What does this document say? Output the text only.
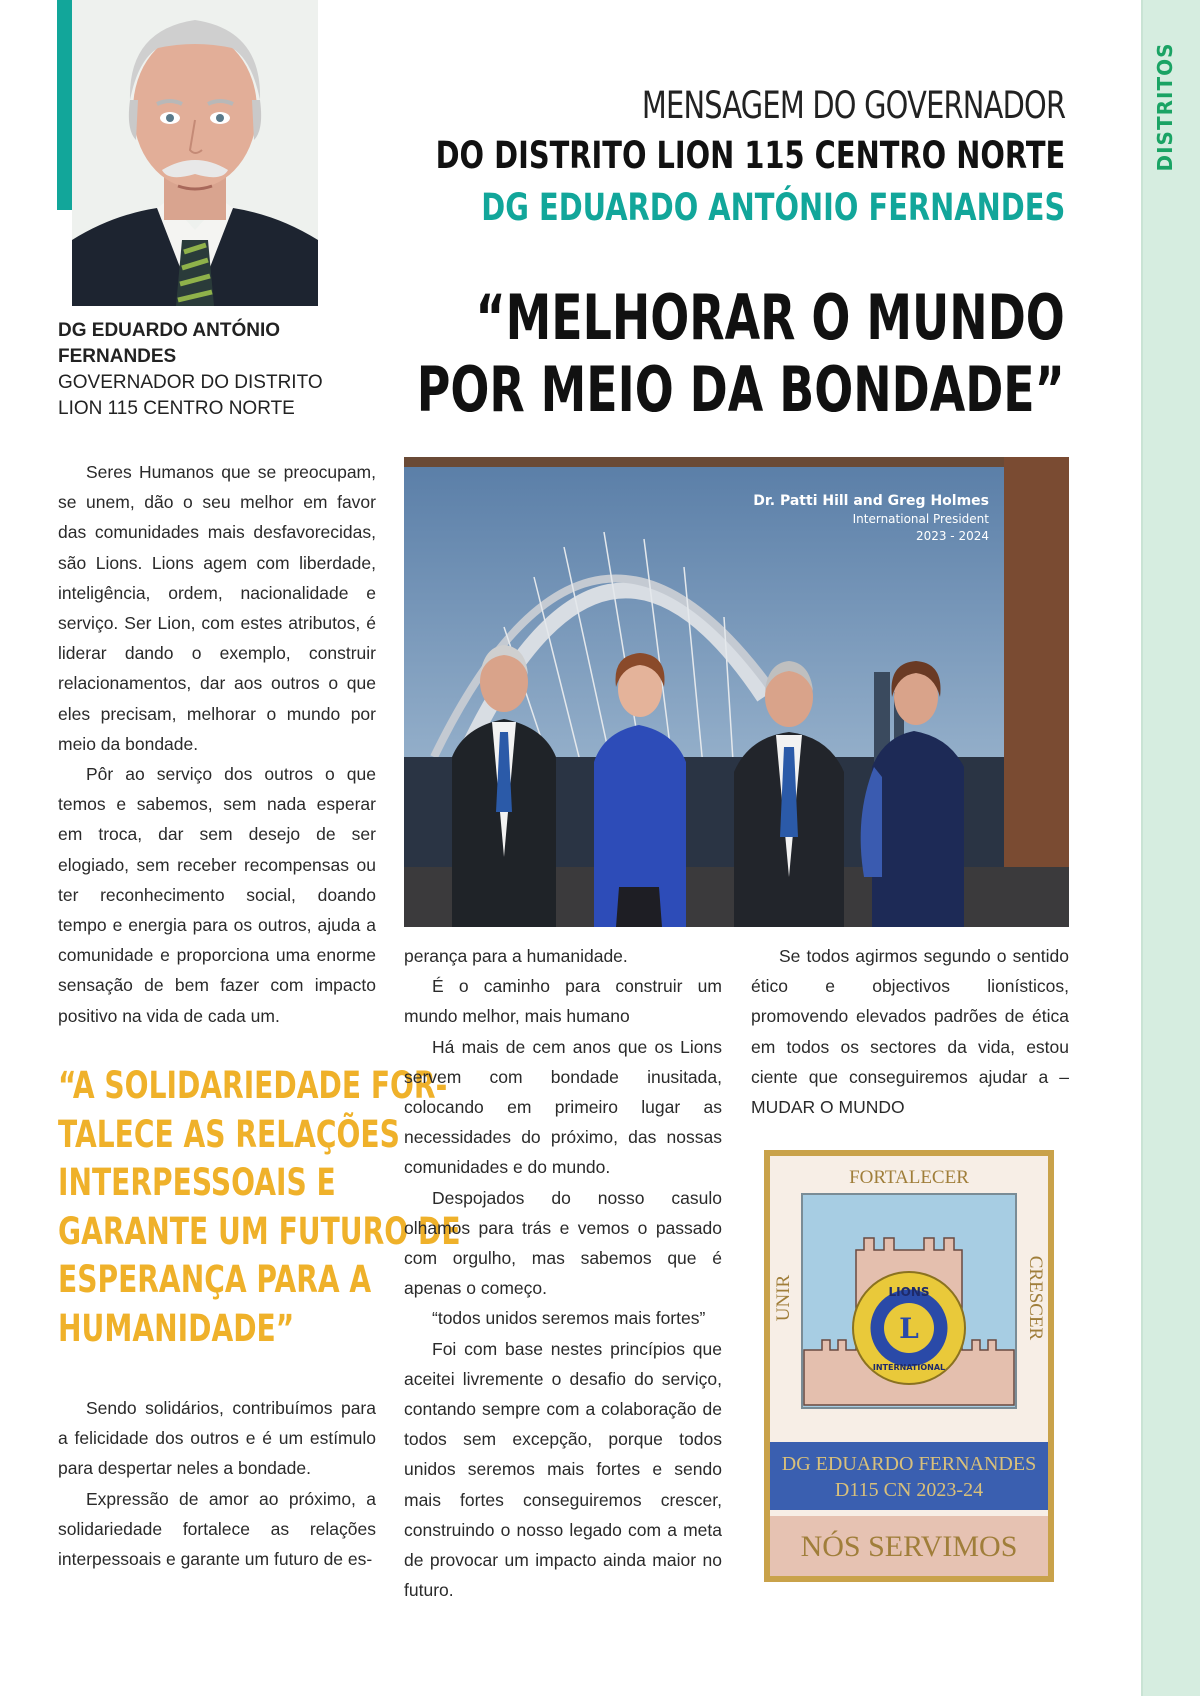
DISTRITOS
DG EDUARDO ANTÓNIO
FERNANDES
GOVERNADOR DO DISTRITO
LION 115 CENTRO NORTE
MENSAGEM DO GOVERNADOR
DO DISTRITO LION 115 CENTRO NORTE
DG EDUARDO ANTÓNIO FERNANDES
“MELHORAR O MUNDO
POR MEIO DA BONDADE”
Dr. Patti Hill and Greg Holmes
International President
2023 - 2024

Seres Humanos que se preocupam, se unem, dão o seu melhor em favor das comunidades mais desfavorecidas, são Lions. Lions agem com liberdade, inteligência, ordem, nacionalidade e serviço. Ser Lion, com estes atributos, é liderar dando o exemplo, construir relacionamentos, dar aos outros o que eles precisam, melhorar o mundo por meio da bondade.

Pôr ao serviço dos outros o que temos e sabemos, sem nada esperar em troca, dar sem desejo de ser elogiado, sem receber recompensas ou ter reconhecimento social, doando tempo e energia para os outros, ajuda a comunidade e proporciona uma enorme sensação de bem fazer com impacto positivo na vida de cada um.

“A SOLIDARIEDADE FOR-
TALECE AS RELAÇÕES
INTERPESSOAIS E
GARANTE UM FUTURO DE
ESPERANÇA PARA A
HUMANIDADE”

Sendo solidários, contribuímos para a felicidade dos outros e é um estímulo para despertar neles a bondade.

Expressão de amor ao próximo, a solidariedade fortalece as relações interpessoais e garante um futuro de es-

perança para a humanidade.

É o caminho para construir um mundo melhor, mais humano

Há mais de cem anos que os Lions servem com bondade inusitada, colocando em primeiro lugar as necessidades do próximo, das nossas comunidades e do mundo.

Despojados do nosso casulo olhamos para trás e vemos o passado com orgulho, mas sabemos que é apenas o começo.

“todos unidos seremos mais fortes”

Foi com base nestes princípios que aceitei livremente o desafio do serviço, contando sempre com a colaboração de todos sem excepção, porque todos unidos seremos mais fortes e sendo mais fortes conseguiremos crescer, construindo o nosso legado com a meta de provocar um impacto ainda maior no futuro.

Se todos agirmos segundo o sentido ético e objectivos lionísticos, promovendo elevados padrões de ética em todos os sectores da vida, estou ciente que conseguiremos ajudar a – MUDAR O MUNDO

FORTALECER
UNIR	CRESCER
L
LIONS
INTERNATIONAL
DG EDUARDO FERNANDES
D115 CN 2023-24
NÓS SERVIMOS
